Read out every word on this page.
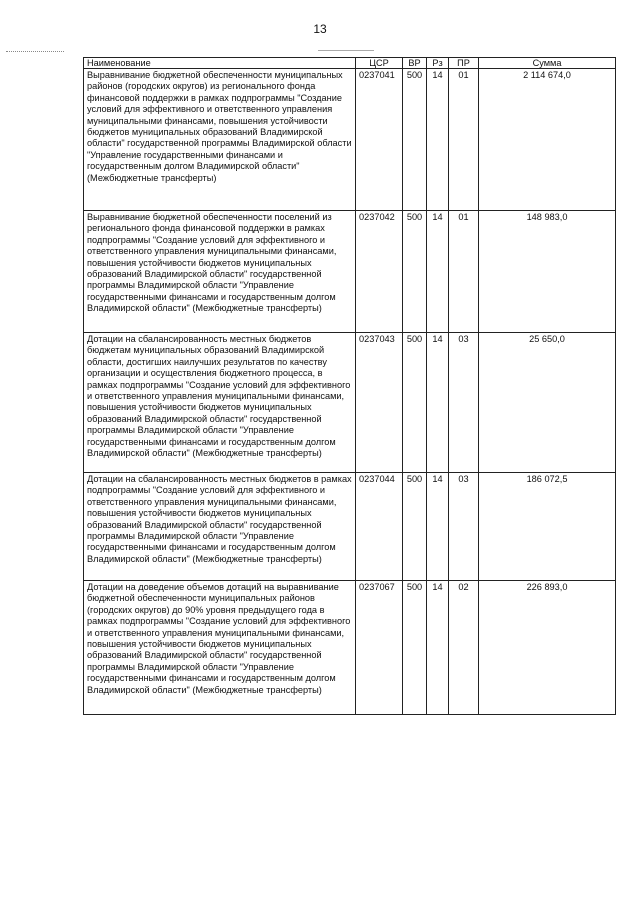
13
Наименование	ЦСР	ВР	Рз	ПР	Сумма
Выравнивание бюджетной обеспеченности муниципальных районов (городских округов) из регионального фонда финансовой поддержки в рамках подпрограммы "Создание условий для эффективного и ответственного управления муниципальными финансами, повышения устойчивости бюджетов муниципальных образований Владимирской области" государственной программы Владимирской области "Управление государственными финансами и государственным долгом Владимирской области" (Межбюджетные трансферты)	0237041	500	14	01	2 114 674,0
Выравнивание бюджетной обеспеченности поселений из регионального фонда финансовой поддержки в рамках подпрограммы "Создание условий для эффективного и ответственного управления муниципальными финансами, повышения устойчивости бюджетов муниципальных образований Владимирской области" государственной программы Владимирской области "Управление государственными финансами и государственным долгом Владимирской области" (Межбюджетные трансферты)	0237042	500	14	01	148 983,0
Дотации на сбалансированность местных бюджетов бюджетам муниципальных образований Владимирской области, достигших наилучших результатов по качеству организации и осуществления бюджетного процесса, в рамках подпрограммы "Создание условий для эффективного и ответственного управления муниципальными финансами, повышения устойчивости бюджетов муниципальных образований Владимирской области" государственной программы Владимирской области "Управление государственными финансами и государственным долгом Владимирской области" (Межбюджетные трансферты)	0237043	500	14	03	25 650,0
Дотации на сбалансированность местных бюджетов в рамках подпрограммы "Создание условий для эффективного и ответственного управления муниципальными финансами, повышения устойчивости бюджетов муниципальных образований Владимирской области" государственной программы Владимирской области "Управление государственными финансами и государственным долгом Владимирской области" (Межбюджетные трансферты)	0237044	500	14	03	186 072,5
Дотации на доведение объемов дотаций на выравнивание бюджетной обеспеченности муниципальных районов (городских округов) до 90% уровня предыдущего года в рамках подпрограммы "Создание условий для эффективного и ответственного управления муниципальными финансами, повышения устойчивости бюджетов муниципальных образований Владимирской области" государственной программы Владимирской области "Управление государственными финансами и государственным долгом Владимирской области" (Межбюджетные трансферты)	0237067	500	14	02	226 893,0
